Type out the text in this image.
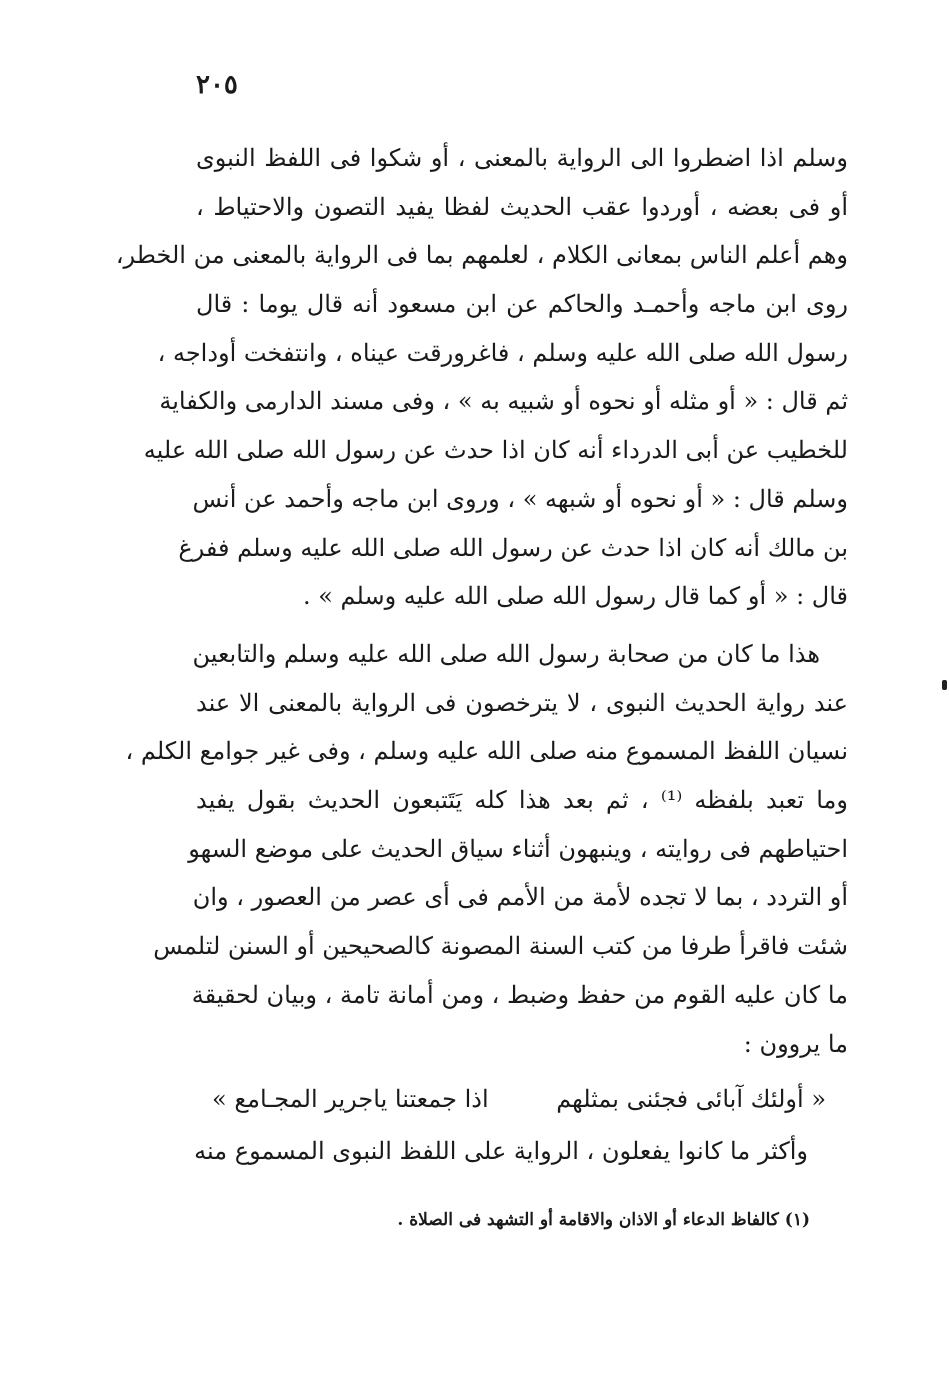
٢٠٥
وسلم اذا اضطروا الى الرواية بالمعنى ، أو شكوا فى اللفظ النبوى
أو فى بعضه ، أوردوا عقب الحديث لفظا يفيد التصون والاحتياط ،
وهم أعلم الناس بمعانى الكلام ، لعلمهم بما فى الرواية بالمعنى من الخطر،
روى ابن ماجه وأحمـد والحاكم عن ابن مسعود أنه قال يوما : قال
رسول الله صلى الله عليه وسلم ، فاغرورقت عيناه ، وانتفخت أوداجه ،
ثم قال : « أو مثله أو نحوه أو شبيه به » ، وفى مسند الدارمى والكفاية
للخطيب عن أبى الدرداء أنه كان اذا حدث عن رسول الله صلى الله عليه
وسلم قال : « أو نحوه أو شبهه » ، وروى ابن ماجه وأحمد عن أنس
بن مالك أنه كان اذا حدث عن رسول الله صلى الله عليه وسلم ففرغ
قال : « أو كما قال رسول الله صلى الله عليه وسلم » .
هذا ما كان من صحابة رسول الله صلى الله عليه وسلم والتابعين
عند رواية الحديث النبوى ، لا يترخصون فى الرواية بالمعنى الا عند
نسيان اللفظ المسموع منه صلى الله عليه وسلم ، وفى غير جوامع الكلم ،
وما تعبد بلفظه ⁽¹⁾ ، ثم بعد هذا كله يَتَتبعون الحديث بقول يفيد
احتياطهم فى روايته ، وينبهون أثناء سياق الحديث على موضع السهو
أو التردد ، بما لا تجده لأمة من الأمم فى أى عصر من العصور ، وان
شئت فاقرأ طرفا من كتب السنة المصونة كالصحيحين أو السنن لتلمس
ما كان عليه القوم من حفظ وضبط ، ومن أمانة تامة ، وبيان لحقيقة
ما يروون :
« أولئك آبائى فجئنى بمثلهم
اذا جمعتنا ياجرير المجـامع »
وأكثر ما كانوا يفعلون ، الرواية على اللفظ النبوى المسموع منه
(١) كالفاظ الدعاء أو الاذان والاقامة أو التشهد فى الصلاة .
